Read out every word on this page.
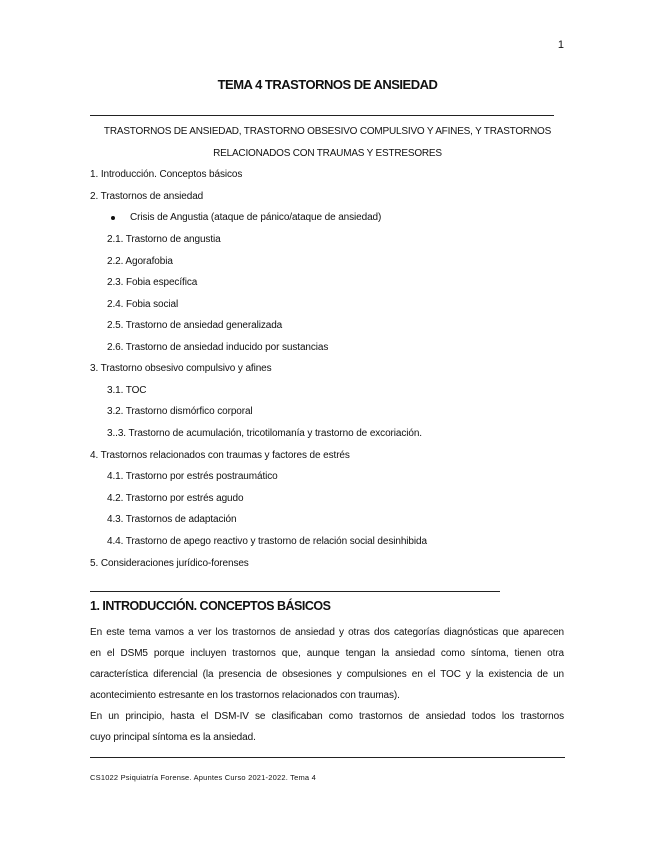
1
TEMA 4 TRASTORNOS DE ANSIEDAD
TRASTORNOS DE ANSIEDAD, TRASTORNO OBSESIVO COMPULSIVO Y AFINES, Y TRASTORNOS
RELACIONADOS CON TRAUMAS Y ESTRESORES
1. Introducción. Conceptos básicos
2. Trastornos de ansiedad
Crisis de Angustia (ataque de pánico/ataque de ansiedad)
2.1. Trastorno de angustia
2.2. Agorafobia
2.3. Fobia específica
2.4. Fobia social
2.5. Trastorno de ansiedad generalizada
2.6. Trastorno de ansiedad inducido por sustancias
3. Trastorno obsesivo compulsivo y afines
3.1. TOC
3.2. Trastorno dismórfico corporal
3..3. Trastorno de acumulación, tricotilomanía y trastorno de excoriación.
4. Trastornos relacionados con traumas y factores de estrés
4.1. Trastorno por estrés postraumático
4.2. Trastorno por estrés agudo
4.3. Trastornos de adaptación
4.4. Trastorno de apego reactivo y trastorno de relación social desinhibida
5. Consideraciones jurídico-forenses
1. INTRODUCCIÓN. CONCEPTOS BÁSICOS
En este tema vamos a ver los trastornos de ansiedad y otras dos categorías diagnósticas que aparecen
en el DSM5 porque incluyen trastornos que, aunque tengan la ansiedad como síntoma, tienen otra
característica diferencial (la presencia de obsesiones y compulsiones en el TOC y la existencia de un
acontecimiento estresante en los trastornos relacionados con traumas).
En un principio, hasta el DSM-IV se clasificaban como trastornos de ansiedad todos los trastornos
cuyo principal síntoma es la ansiedad.
CS1022 Psiquiatría Forense. Apuntes Curso 2021-2022. Tema 4
